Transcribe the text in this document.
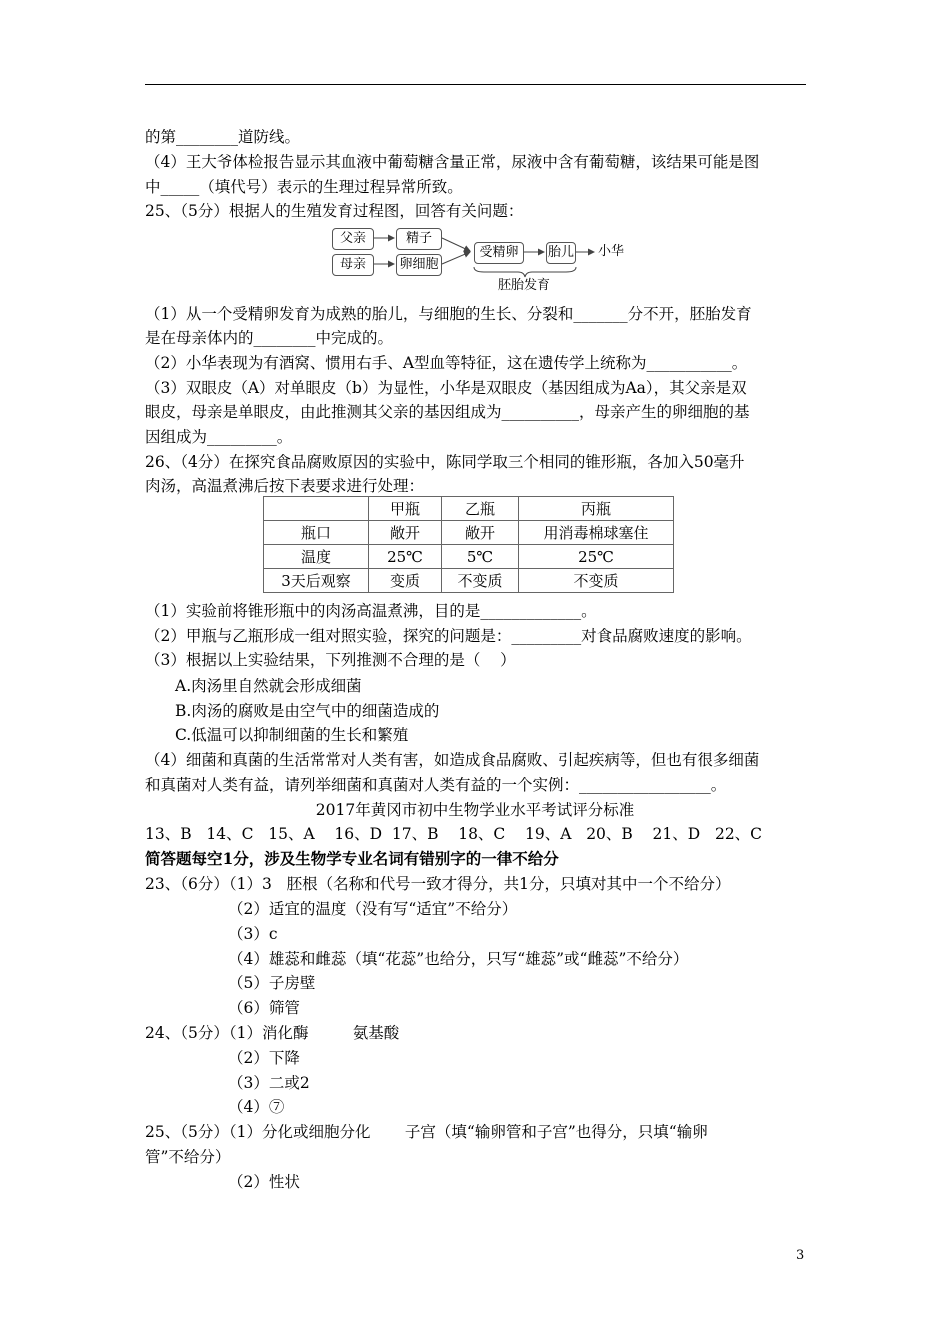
的第________道防线。
（4）王大爷体检报告显示其血液中葡萄糖含量正常，尿液中含有葡萄糖，该结果可能是图
中_____（填代号）表示的生理过程异常所致。
25、（5分）根据人的生殖发育过程图，回答有关问题：
父亲
母亲
精子
卵细胞
受精卵	胎儿 小华
胚胎发育
（1）从一个受精卵发育为成熟的胎儿，与细胞的生长、分裂和_______分不开，胚胎发育
是在母亲体内的________中完成的。
（2）小华表现为有酒窝、惯用右手、A型血等特征，这在遗传学上统称为___________。
（3）双眼皮（A）对单眼皮（b）为显性，小华是双眼皮（基因组成为Aa），其父亲是双
眼皮，母亲是单眼皮，由此推测其父亲的基因组成为__________，母亲产生的卵细胞的基
因组成为_________。
26、（4分）在探究食品腐败原因的实验中，陈同学取三个相同的锥形瓶，各加入50毫升
肉汤，高温煮沸后按下表要求进行处理：
	甲瓶	乙瓶	丙瓶
瓶口	敞开	敞开	用消毒棉球塞住
温度	25℃	5℃	25℃
3天后观察	变质	不变质	不变质
（1）实验前将锥形瓶中的肉汤高温煮沸，目的是_____________。
（2）甲瓶与乙瓶形成一组对照实验，探究的问题是：_________对食品腐败速度的影响。
（3）根据以上实验结果，下列推测不合理的是（    ）
A.肉汤里自然就会形成细菌
B.肉汤的腐败是由空气中的细菌造成的
C.低温可以抑制细菌的生长和繁殖
（4）细菌和真菌的生活常常对人类有害，如造成食品腐败、引起疾病等，但也有很多细菌
和真菌对人类有益，请列举细菌和真菌对人类有益的一个实例：_________________。
2017年黄冈市初中生物学业水平考试评分标准
13、B   14、C   15、A    16、D  17、B    18、C    19、A   20、B    21、D   22、C
简答题每空1分，涉及生物学专业名词有错别字的一律不给分
23、（6分）（1）3   胚根（名称和代号一致才得分，共1分，只填对其中一个不给分）
（2）适宜的温度（没有写“适宜”不给分）
（3）c
（4）雄蕊和雌蕊（填“花蕊”也给分，只写“雄蕊”或“雌蕊”不给分）
（5）子房壁
（6）筛管
24、（5分）（1）消化酶         氨基酸
（2）下降
（3）二或2
（4）⑦
25、（5分）（1）分化或细胞分化       子宫（填“输卵管和子宫”也得分，只填“输卵
管”不给分）
（2）性状
3
